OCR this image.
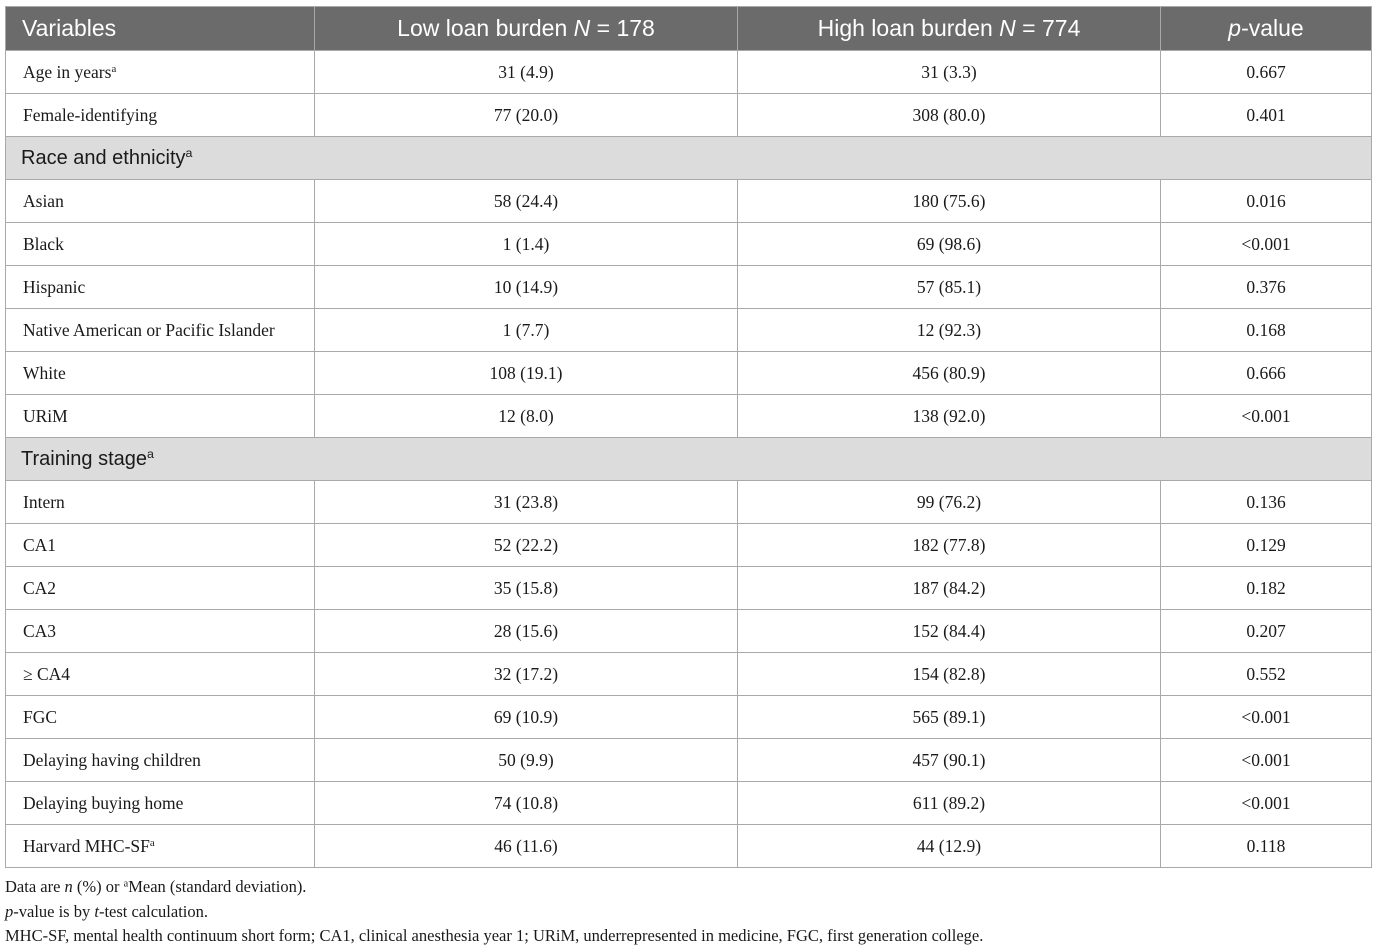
Variables	Low loan burden N = 178	High loan burden N = 774	p-value
Age in years$^a$	31 (4.9)	31 (3.3)	0.667
Female-identifying	77 (20.0)	308 (80.0)	0.401
Race and ethnicity$^a$
Asian	58 (24.4)	180 (75.6)	0.016
Black	1 (1.4)	69 (98.6)	<0.001
Hispanic	10 (14.9)	57 (85.1)	0.376
Native American or Pacific Islander	1 (7.7)	12 (92.3)	0.168
White	108 (19.1)	456 (80.9)	0.666
URiM	12 (8.0)	138 (92.0)	<0.001
Training stage$^a$
Intern	31 (23.8)	99 (76.2)	0.136
CA1	52 (22.2)	182 (77.8)	0.129
CA2	35 (15.8)	187 (84.2)	0.182
CA3	28 (15.6)	152 (84.4)	0.207
≥ CA4	32 (17.2)	154 (82.8)	0.552
FGC	69 (10.9)	565 (89.1)	<0.001
Delaying having children	50 (9.9)	457 (90.1)	<0.001
Delaying buying home	74 (10.8)	611 (89.2)	<0.001
Harvard MHC-$SF^a$	46 (11.6)	44 (12.9)	0.118
Data are n (%) or $^a$Mean (standard deviation).
p-value is by t-test calculation.
MHC-SF, mental health continuum short form; CA1, clinical anesthesia year 1; URiM, underrepresented in medicine, FGC, first generation college.
